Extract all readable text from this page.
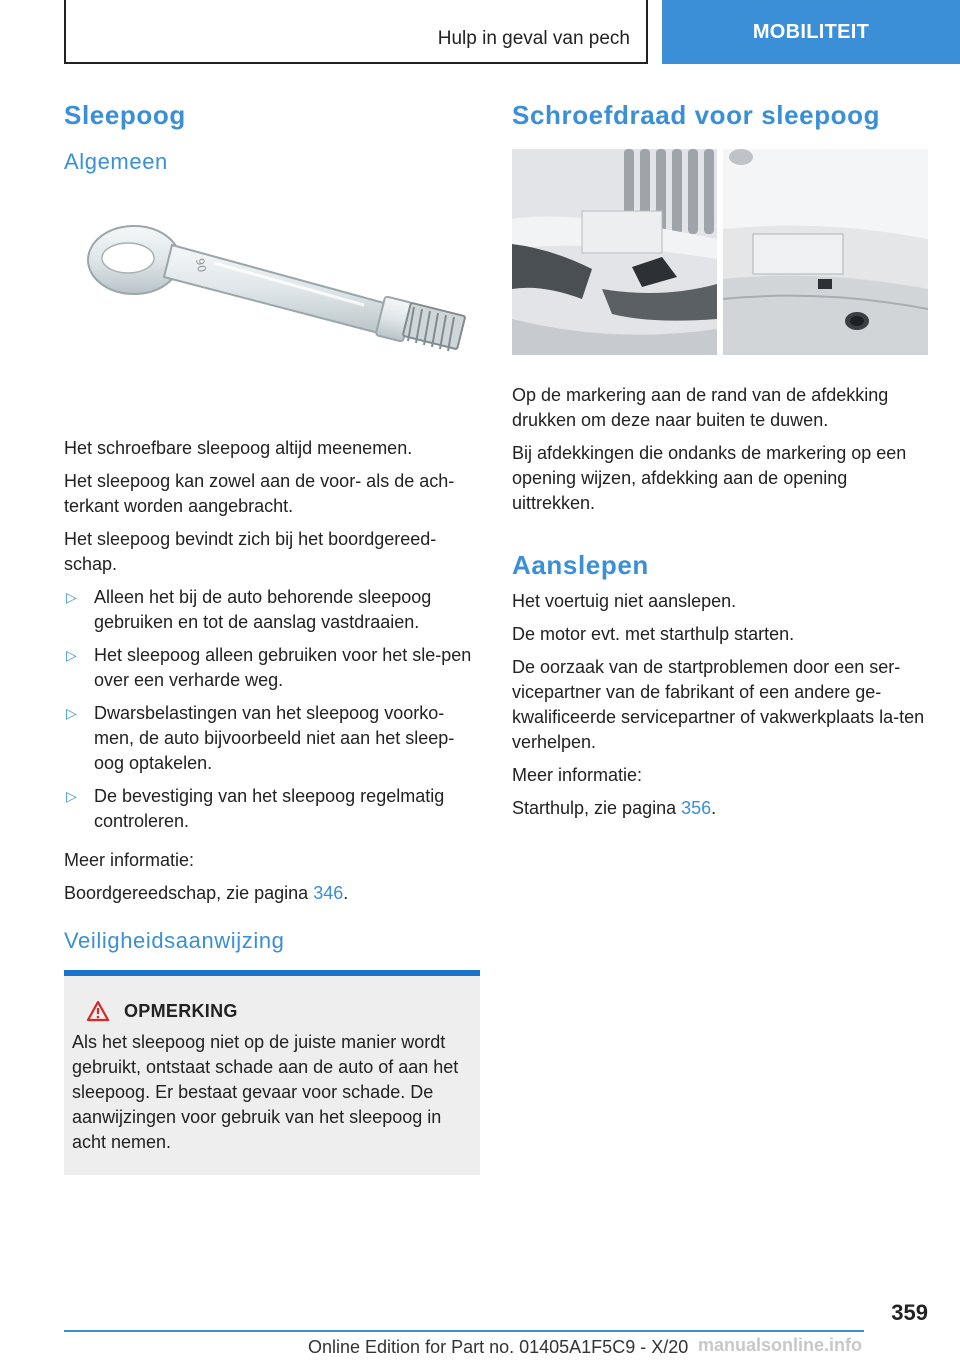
Hulp in geval van pech	MOBILITEIT
Sleepoog
Algemeen
90

Het schroefbare sleepoog altijd meenemen.

Het sleepoog kan zowel aan de voor- als de ach-terkant worden aangebracht.

Het sleepoog bevindt zich bij het boordgereed-schap.

▷ Alleen het bij de auto behorende sleepoog gebruiken en tot de aanslag vastdraaien.
▷ Het sleepoog alleen gebruiken voor het sle-pen over een verharde weg.
▷ Dwarsbelastingen van het sleepoog voorko-men, de auto bijvoorbeeld niet aan het sleep-oog optakelen.
▷ De bevestiging van het sleepoog regelmatig controleren.

Meer informatie:

Boordgereedschap, zie pagina 346.

Veiligheidsaanwijzing
OPMERKING

Als het sleepoog niet op de juiste manier wordt gebruikt, ontstaat schade aan de auto of aan het sleepoog. Er bestaat gevaar voor schade. De aanwijzingen voor gebruik van het sleepoog in acht nemen.

Schroefdraad voor sleepoog

Op de markering aan de rand van de afdekking drukken om deze naar buiten te duwen.

Bij afdekkingen die ondanks de markering op een opening wijzen, afdekking aan de opening uittrekken.

Aanslepen

Het voertuig niet aanslepen.

De motor evt. met starthulp starten.

De oorzaak van de startproblemen door een ser-vicepartner van de fabrikant of een andere ge-kwalificeerde servicepartner of vakwerkplaats la-ten verhelpen.

Meer informatie:

Starthulp, zie pagina 356.

359
Online Edition for Part no. 01405A1F5C9 - X/20 manualsonline.info
